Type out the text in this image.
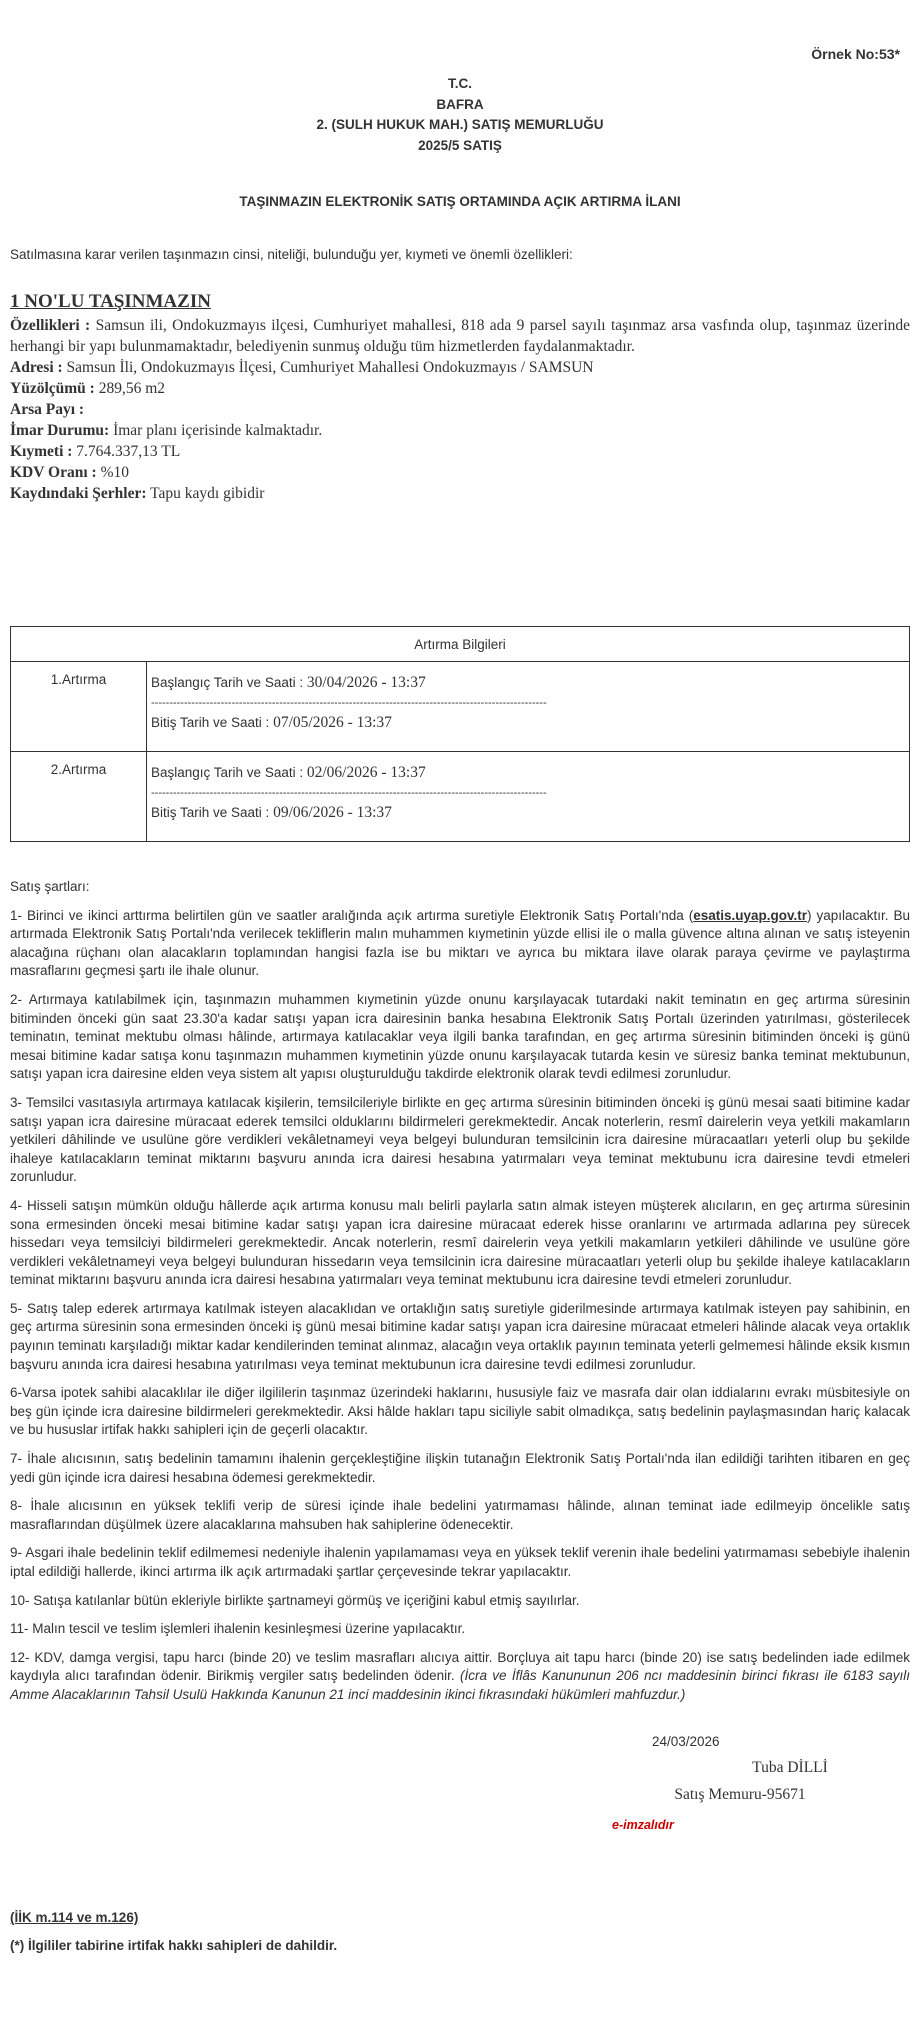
Örnek No:53*
T.C.
BAFRA
2. (SULH HUKUK MAH.) SATIŞ MEMURLUĞU
2025/5 SATIŞ
TAŞINMAZIN ELEKTRONİK SATIŞ ORTAMINDA AÇIK ARTIRMA İLANI
Satılmasına karar verilen taşınmazın cinsi, niteliği, bulunduğu yer, kıymeti ve önemli özellikleri:
1 NO'LU TAŞINMAZIN
Özellikleri : Samsun ili, Ondokuzmayıs ilçesi, Cumhuriyet mahallesi, 818 ada 9 parsel sayılı taşınmaz arsa vasfında olup, taşınmaz üzerinde herhangi bir yapı bulunmamaktadır, belediyenin sunmuş olduğu tüm hizmetlerden faydalanmaktadır.
Adresi : Samsun İli, Ondokuzmayıs İlçesi, Cumhuriyet Mahallesi Ondokuzmayıs / SAMSUN
Yüzölçümü : 289,56 m2
Arsa Payı :
İmar Durumu: İmar planı içerisinde kalmaktadır.
Kıymeti : 7.764.337,13 TL
KDV Oranı : %10
Kaydındaki Şerhler: Tapu kaydı gibidir
Artırma Bilgileri	
1.Artırma	Başlangıç Tarih ve Saati : 30/04/2026 - 13:37
------------------------------------------------------------------------------------------------------------
Bitiş Tarih ve Saati : 07/05/2026 - 13:37

2.Artırma	Başlangıç Tarih ve Saati : 02/06/2026 - 13:37
------------------------------------------------------------------------------------------------------------
Bitiş Tarih ve Saati : 09/06/2026 - 13:37
Satış şartları:

1- Birinci ve ikinci arttırma belirtilen gün ve saatler aralığında açık artırma suretiyle Elektronik Satış Portalı'nda (esatis.uyap.gov.tr) yapılacaktır. Bu artırmada Elektronik Satış Portalı'nda verilecek tekliflerin malın muhammen kıymetinin yüzde ellisi ile o malla güvence altına alınan ve satış isteyenin alacağına rüçhanı olan alacakların toplamından hangisi fazla ise bu miktarı ve ayrıca bu miktara ilave olarak paraya çevirme ve paylaştırma masraflarını geçmesi şartı ile ihale olunur.

2- Artırmaya katılabilmek için, taşınmazın muhammen kıymetinin yüzde onunu karşılayacak tutardaki nakit teminatın en geç artırma süresinin bitiminden önceki gün saat 23.30'a kadar satışı yapan icra dairesinin banka hesabına Elektronik Satış Portalı üzerinden yatırılması, gösterilecek teminatın, teminat mektubu olması hâlinde, artırmaya katılacaklar veya ilgili banka tarafından, en geç artırma süresinin bitiminden önceki iş günü mesai bitimine kadar satışa konu taşınmazın muhammen kıymetinin yüzde onunu karşılayacak tutarda kesin ve süresiz banka teminat mektubunun, satışı yapan icra dairesine elden veya sistem alt yapısı oluşturulduğu takdirde elektronik olarak tevdi edilmesi zorunludur.

3- Temsilci vasıtasıyla artırmaya katılacak kişilerin, temsilcileriyle birlikte en geç artırma süresinin bitiminden önceki iş günü mesai saati bitimine kadar satışı yapan icra dairesine müracaat ederek temsilci olduklarını bildirmeleri gerekmektedir. Ancak noterlerin, resmî dairelerin veya yetkili makamların yetkileri dâhilinde ve usulüne göre verdikleri vekâletnameyi veya belgeyi bulunduran temsilcinin icra dairesine müracaatları yeterli olup bu şekilde ihaleye katılacakların teminat miktarını başvuru anında icra dairesi hesabına yatırmaları veya teminat mektubunu icra dairesine tevdi etmeleri zorunludur.

4- Hisseli satışın mümkün olduğu hâllerde açık artırma konusu malı belirli paylarla satın almak isteyen müşterek alıcıların, en geç artırma süresinin sona ermesinden önceki mesai bitimine kadar satışı yapan icra dairesine müracaat ederek hisse oranlarını ve artırmada adlarına pey sürecek hissedarı veya temsilciyi bildirmeleri gerekmektedir. Ancak noterlerin, resmî dairelerin veya yetkili makamların yetkileri dâhilinde ve usulüne göre verdikleri vekâletnameyi veya belgeyi bulunduran hissedarın veya temsilcinin icra dairesine müracaatları yeterli olup bu şekilde ihaleye katılacakların teminat miktarını başvuru anında icra dairesi hesabına yatırmaları veya teminat mektubunu icra dairesine tevdi etmeleri zorunludur.

5- Satış talep ederek artırmaya katılmak isteyen alacaklıdan ve ortaklığın satış suretiyle giderilmesinde artırmaya katılmak isteyen pay sahibinin, en geç artırma süresinin sona ermesinden önceki iş günü mesai bitimine kadar satışı yapan icra dairesine müracaat etmeleri hâlinde alacak veya ortaklık payının teminatı karşıladığı miktar kadar kendilerinden teminat alınmaz, alacağın veya ortaklık payının teminata yeterli gelmemesi hâlinde eksik kısmın başvuru anında icra dairesi hesabına yatırılması veya teminat mektubunun icra dairesine tevdi edilmesi zorunludur.

6-Varsa ipotek sahibi alacaklılar ile diğer ilgililerin taşınmaz üzerindeki haklarını, hususiyle faiz ve masrafa dair olan iddialarını evrakı müsbitesiyle on beş gün içinde icra dairesine bildirmeleri gerekmektedir. Aksi hâlde hakları tapu siciliyle sabit olmadıkça, satış bedelinin paylaşmasından hariç kalacak ve bu hususlar irtifak hakkı sahipleri için de geçerli olacaktır.

7- İhale alıcısının, satış bedelinin tamamını ihalenin gerçekleştiğine ilişkin tutanağın Elektronik Satış Portalı'nda ilan edildiği tarihten itibaren en geç yedi gün içinde icra dairesi hesabına ödemesi gerekmektedir.

8- İhale alıcısının en yüksek teklifi verip de süresi içinde ihale bedelini yatırmaması hâlinde, alınan teminat iade edilmeyip öncelikle satış masraflarından düşülmek üzere alacaklarına mahsuben hak sahiplerine ödenecektir.

9- Asgari ihale bedelinin teklif edilmemesi nedeniyle ihalenin yapılamaması veya en yüksek teklif verenin ihale bedelini yatırmaması sebebiyle ihalenin iptal edildiği hallerde, ikinci artırma ilk açık artırmadaki şartlar çerçevesinde tekrar yapılacaktır.

10- Satışa katılanlar bütün ekleriyle birlikte şartnameyi görmüş ve içeriğini kabul etmiş sayılırlar.

11- Malın tescil ve teslim işlemleri ihalenin kesinleşmesi üzerine yapılacaktır.

12- KDV, damga vergisi, tapu harcı (binde 20) ve teslim masrafları alıcıya aittir. Borçluya ait tapu harcı (binde 20) ise satış bedelinden iade edilmek kaydıyla alıcı tarafından ödenir. Birikmiş vergiler satış bedelinden ödenir. (İcra ve İflâs Kanununun 206 ncı maddesinin birinci fıkrası ile 6183 sayılı Amme Alacaklarının Tahsil Usulü Hakkında Kanunun 21 inci maddesinin ikinci fıkrasındaki hükümleri mahfuzdur.)

24/03/2026
Tuba DİLLİ
Satış Memuru-95671
e-imzalıdır
(İİK m.114 ve m.126)
(*) İlgililer tabirine irtifak hakkı sahipleri de dahildir.
